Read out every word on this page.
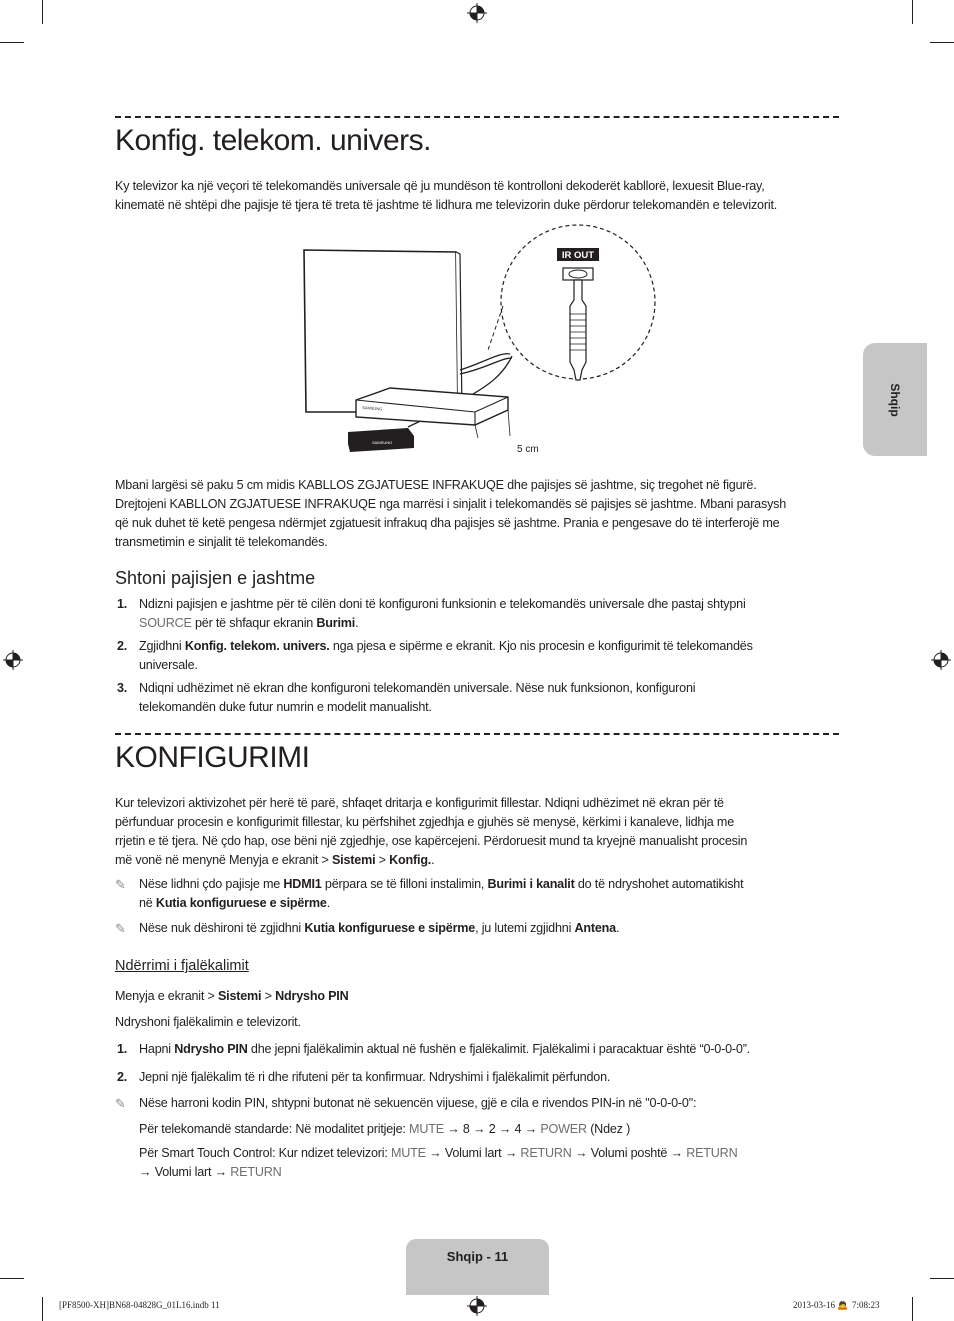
Konfig. telekom. univers.

Ky televizor ka një veçori të telekomandës universale që ju mundëson të kontrolloni dekoderët kabllorë, lexuesit Blue-ray,
kinematë në shtëpi dhe pajisje të tjera të treta të jashtme të lidhura me televizorin duke përdorur telekomandën e televizorit.

SAMSUNG
SAMSUNG
5 cm
IR OUT

Mbani largësi së paku 5 cm midis KABLLOS ZGJATUESE INFRAKUQE dhe pajisjes së jashtme, siç tregohet në figurë.
Drejtojeni KABLLON ZGJATUESE INFRAKUQE nga marrësi i sinjalit i telekomandës së pajisjes së jashtme. Mbani parasysh
që nuk duhet të ketë pengesa ndërmjet zgjatuesit infrakuq dha pajisjes së jashtme. Prania e pengesave do të interferojë me
transmetimin e sinjalit të telekomandës.

Shtoni pajisjen e jashtme
1. Ndizni pajisjen e jashtme për të cilën doni të konfiguroni funksionin e telekomandës universale dhe pastaj shtypni
SOURCE për të shfaqur ekranin Burimi.
2. Zgjidhni Konfig. telekom. univers. nga pjesa e sipërme e ekranit. Kjo nis procesin e konfigurimit të telekomandës
universale.
3. Ndiqni udhëzimet në ekran dhe konfiguroni telekomandën universale. Nëse nuk funksionon, konfiguroni
telekomandën duke futur numrin e modelit manualisht.
KONFIGURIMI

Kur televizori aktivizohet për herë të parë, shfaqet dritarja e konfigurimit fillestar. Ndiqni udhëzimet në ekran për të
përfunduar procesin e konfigurimit fillestar, ku përfshihet zgjedhja e gjuhës së menysë, kërkimi i kanaleve, lidhja me
rrjetin e të tjera. Në çdo hap, ose bëni një zgjedhje, ose kapërcejeni. Përdoruesit mund ta kryejnë manualisht procesin
më vonë në menynë Menyja e ekranit > Sistemi > Konfig..

✎ Nëse lidhni çdo pajisje me HDMI1 përpara se të filloni instalimin, Burimi i kanalit do të ndryshohet automatikisht
në Kutia konfiguruese e sipërme.
✎ Nëse nuk dëshironi të zgjidhni Kutia konfiguruese e sipërme, ju lutemi zgjidhni Antena.
Ndërrimi i fjalëkalimit
Menyja e ekranit > Sistemi > Ndrysho PIN
Ndryshoni fjalëkalimin e televizorit.
1. Hapni Ndrysho PIN dhe jepni fjalëkalimin aktual në fushën e fjalëkalimit. Fjalëkalimi i paracaktuar është “0-0-0-0”.
2. Jepni një fjalëkalim të ri dhe rifuteni për ta konfirmuar. Ndryshimi i fjalëkalimit përfundon.
✎ Nëse harroni kodin PIN, shtypni butonat në sekuencën vijuese, gjë e cila e rivendos PIN-in në "0-0-0-0":
Për telekomandë standarde: Në modalitet pritjeje: MUTE → 8 → 2 → 4 → POWER (Ndez )
Për Smart Touch Control: Kur ndizet televizori: MUTE → Volumi lart → RETURN → Volumi poshtë → RETURN
→ Volumi lart → RETURN
Shqip
Shqip - 11
[PF8500-XH]BN68-04828G_01L16.indb 11	2013-03-16 🙇  7:08:23
